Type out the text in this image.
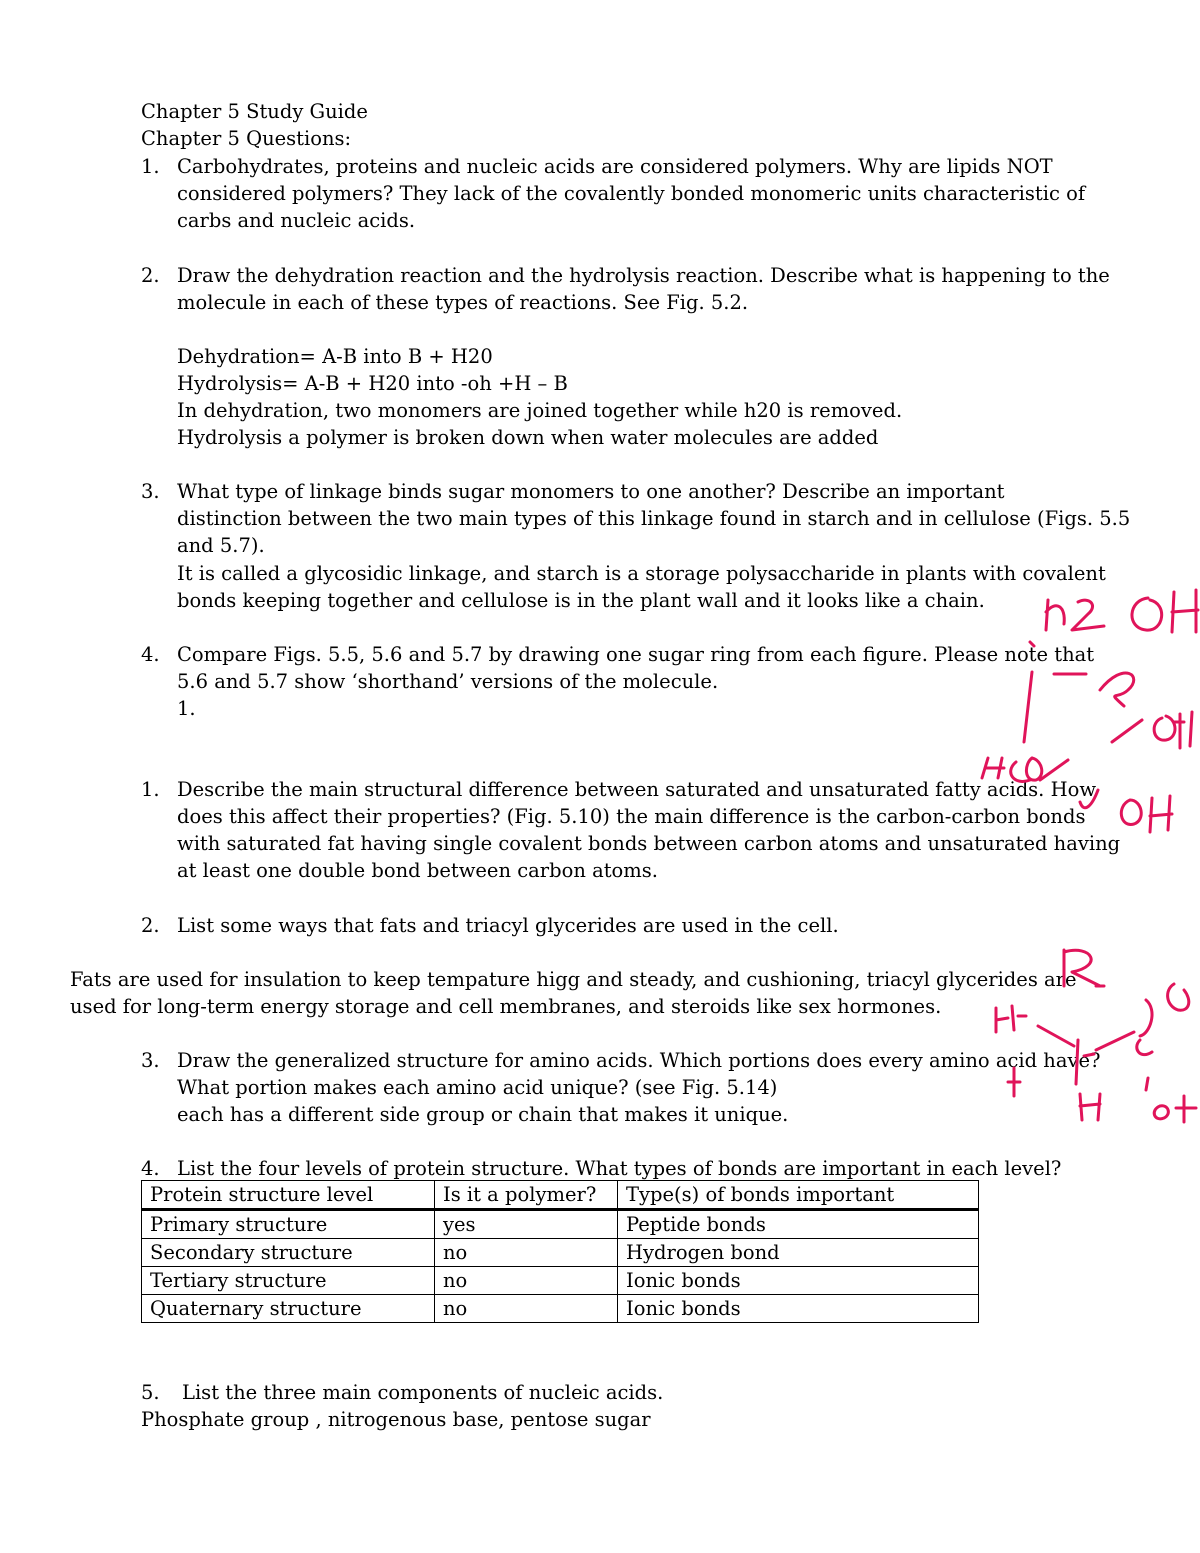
Chapter 5 Study Guide
Chapter 5 Questions:
1. Carbohydrates, proteins and nucleic acids are considered polymers. Why are lipids NOT
considered polymers? They lack of the covalently bonded monomeric units characteristic of
carbs and nucleic acids.
2. Draw the dehydration reaction and the hydrolysis reaction. Describe what is happening to the
molecule in each of these types of reactions. See Fig. 5.2.
Dehydration= A-B into B + H20
Hydrolysis= A-B + H20 into -oh +H – B
In dehydration, two monomers are joined together while h20 is removed.
Hydrolysis a polymer is broken down when water molecules are added
3. What type of linkage binds sugar monomers to one another? Describe an important
distinction between the two main types of this linkage found in starch and in cellulose (Figs. 5.5
and 5.7).
It is called a glycosidic linkage, and starch is a storage polysaccharide in plants with covalent
bonds keeping together and cellulose is in the plant wall and it looks like a chain.
4. Compare Figs. 5.5, 5.6 and 5.7 by drawing one sugar ring from each figure. Please note that
5.6 and 5.7 show ‘shorthand’ versions of the molecule.
1.
1. Describe the main structural difference between saturated and unsaturated fatty acids. How
does this affect their properties? (Fig. 5.10) the main difference is the carbon-carbon bonds
with saturated fat having single covalent bonds between carbon atoms and unsaturated having
at least one double bond between carbon atoms.
2. List some ways that fats and triacyl glycerides are used in the cell.
Fats are used for insulation to keep tempature higg and steady, and cushioning, triacyl glycerides are
used for long-term energy storage and cell membranes, and steroids like sex hormones.
3. Draw the generalized structure for amino acids. Which portions does every amino acid have?
What portion makes each amino acid unique? (see Fig. 5.14)
each has a different side group or chain that makes it unique.
4. List the four levels of protein structure. What types of bonds are important in each level?
Protein structure level	Is it a polymer?	Type(s) of bonds important
Primary structure	yes	Peptide bonds
Secondary structure	no	Hydrogen bond
Tertiary structure	no	Ionic bonds
Quaternary structure	no	Ionic bonds
5. List the three main components of nucleic acids.
Phosphate group , nitrogenous base, pentose sugar
